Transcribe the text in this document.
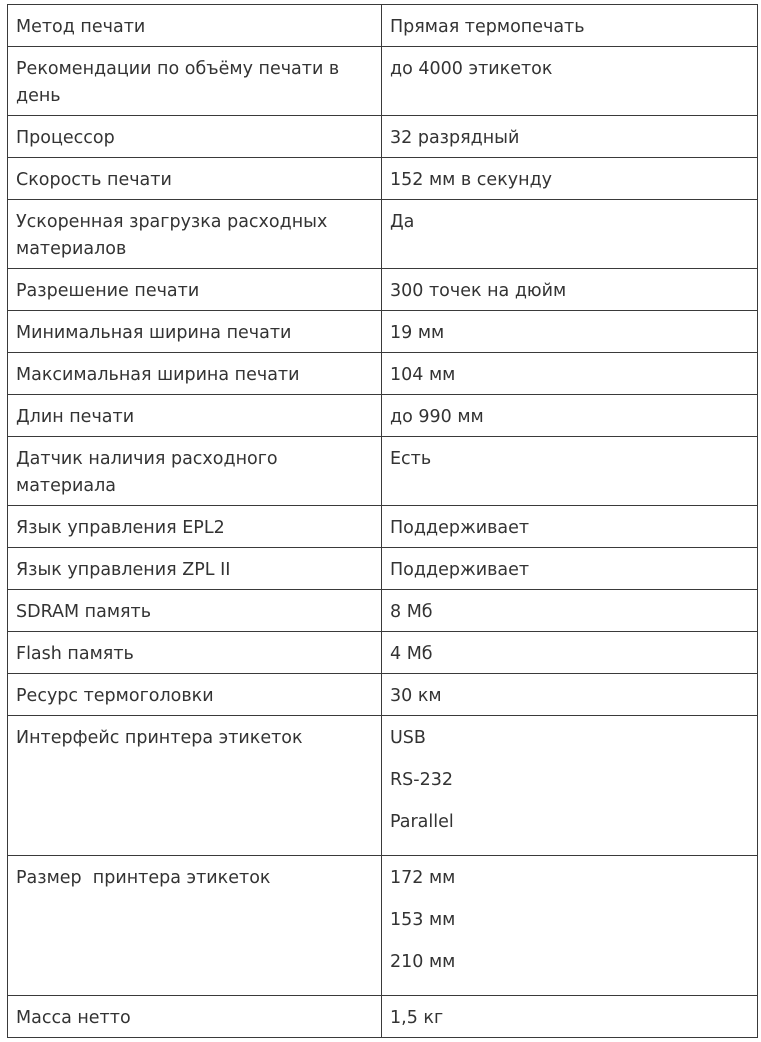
Метод печати	Прямая термопечать
Рекомендации по объёму печати в день	до 4000 этикеток
Процессор	32 разрядный
Скорость печати	152 мм в секунду
Ускоренная зрагрузка расходных материалов	Да
Разрешение печати	300 точек на дюйм
Минимальная ширина печати	19 мм
Максимальная ширина печати	104 мм
Длин печати	до 990 мм
Датчик наличия расходного материала	Есть
Язык управления EPL2	Поддерживает
Язык управления ZPL II	Поддерживает
SDRAM память	8 Мб
Flash память	4 Мб
Ресурс термоголовки	30 км
Интерфейс принтера этикеток	USB
RS-232
Parallel

Размер  принтера этикеток	172 мм
153 мм
210 мм

Масса нетто	1,5 кг
